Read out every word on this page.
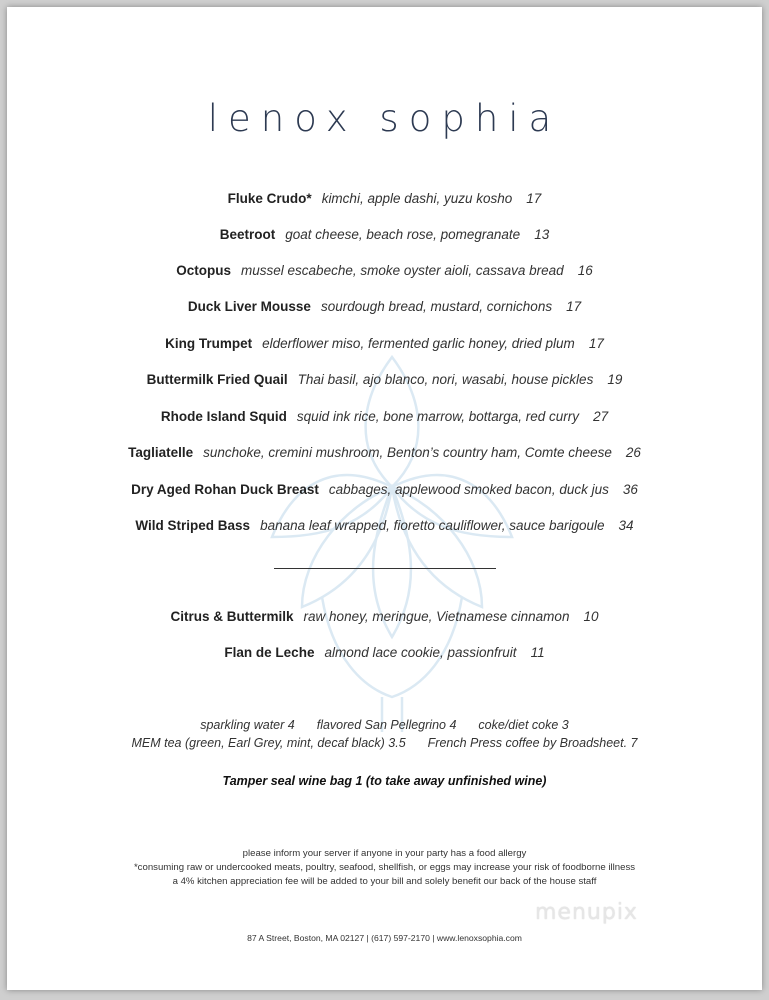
lenox sophia
Fluke Crudo* kimchi, apple dashi, yuzu kosho 17
Beetroot goat cheese, beach rose, pomegranate 13
Octopus mussel escabeche, smoke oyster aioli, cassava bread 16
Duck Liver Mousse sourdough bread, mustard, cornichons 17
King Trumpet elderflower miso, fermented garlic honey, dried plum 17
Buttermilk Fried Quail Thai basil, ajo blanco, nori, wasabi, house pickles 19
Rhode Island Squid squid ink rice, bone marrow, bottarga, red curry 27
Tagliatelle sunchoke, cremini mushroom, Benton’s country ham, Comte cheese 26
Dry Aged Rohan Duck Breast cabbages, applewood smoked bacon, duck jus 36
Wild Striped Bass banana leaf wrapped, fioretto cauliflower, sauce barigoule 34
Citrus & Buttermilk raw honey, meringue, Vietnamese cinnamon 10
Flan de Leche almond lace cookie, passionfruit 11
sparkling water 4 flavored San Pellegrino 4 coke/diet coke 3
MEM tea (green, Earl Grey, mint, decaf black) 3.5 French Press coffee by Broadsheet. 7
Tamper seal wine bag 1 (to take away unfinished wine)
please inform your server if anyone in your party has a food allergy
*consuming raw or undercooked meats, poultry, seafood, shellfish, or eggs may increase your risk of foodborne illness
a 4% kitchen appreciation fee will be added to your bill and solely benefit our back of the house staff
menupix
87 A Street, Boston, MA 02127 | (617) 597-2170 | www.lenoxsophia.com
